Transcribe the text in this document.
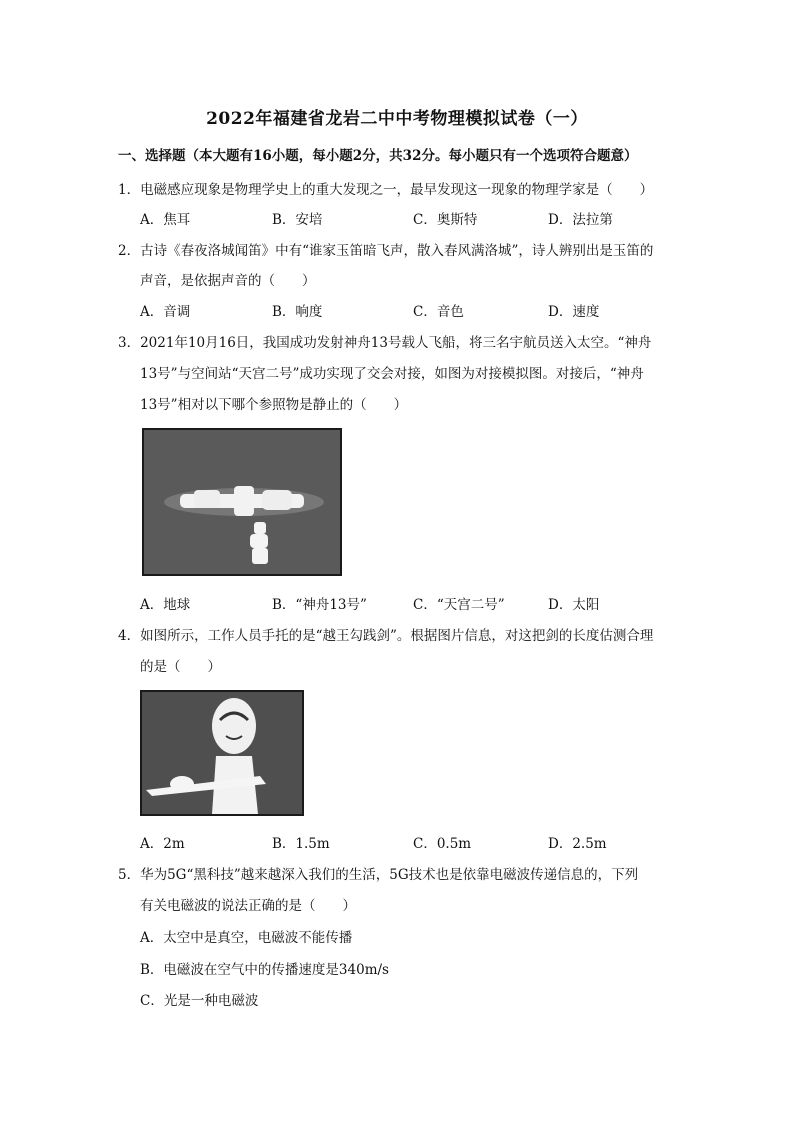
2022年福建省龙岩二中中考物理模拟试卷（一）
一、选择题（本大题有16小题，每小题2分，共32分。每小题只有一个选项符合题意）
1．电磁感应现象是物理学史上的重大发现之一，最早发现这一现象的物理学家是（　　）
A．焦耳	B．安培	C．奥斯特	D．法拉第
2．古诗《春夜洛城闻笛》中有“谁家玉笛暗飞声，散入春风满洛城”，诗人辨别出是玉笛的
声音，是依据声音的（　　）
A．音调	B．响度	C．音色	D．速度
3．2021年10月16日，我国成功发射神舟13号载人飞船，将三名宇航员送入太空。“神舟
13号”与空间站“天宫二号”成功实现了交会对接，如图为对接模拟图。对接后，“神舟
13号”相对以下哪个参照物是静止的（　　）
A．地球	B．“神舟13号”	C．“天宫二号”	D．太阳
4．如图所示，工作人员手托的是“越王勾践剑”。根据图片信息，对这把剑的长度估测合理
的是（　　）
A．2m	B．1.5m	C．0.5m	D．2.5m
5．华为5G“黑科技”越来越深入我们的生活，5G技术也是依靠电磁波传递信息的，下列
有关电磁波的说法正确的是（　　）
A．太空中是真空，电磁波不能传播
B．电磁波在空气中的传播速度是340m/s
C．光是一种电磁波
